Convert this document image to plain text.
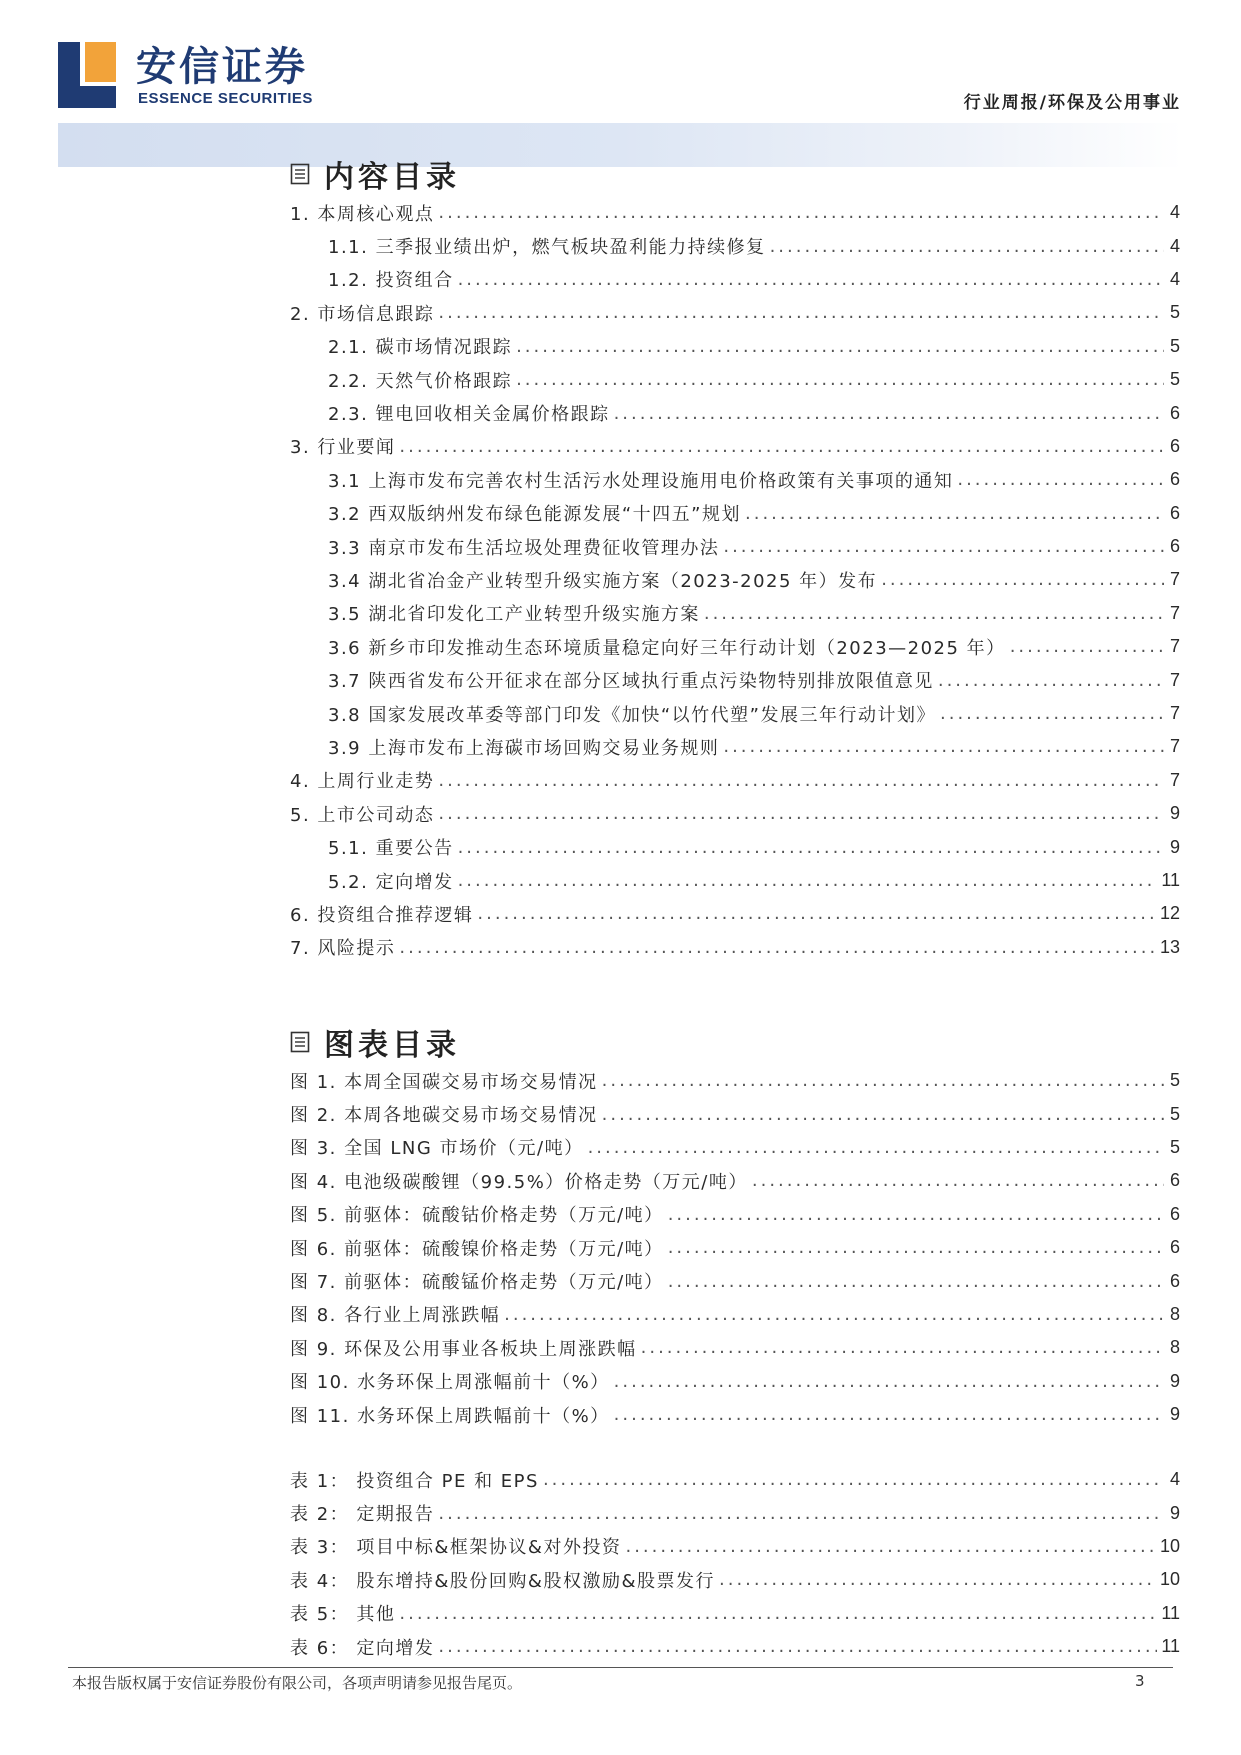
安信证券
ESSENCE SECURITIES	行业周报/环保及公用事业
内容目录
1. 本周核心观点 .....	4
1.1. 三季报业绩出炉，燃气板块盈利能力持续修复 .....	4
1.2. 投资组合 .....	4
2. 市场信息跟踪 .....	5
2.1. 碳市场情况跟踪 .....	5
2.2. 天然气价格跟踪 .....	5
2.3. 锂电回收相关金属价格跟踪 .....	6
3. 行业要闻 .....	6
3.1 上海市发布完善农村生活污水处理设施用电价格政策有关事项的通知 .....	6
3.2 西双版纳州发布绿色能源发展“十四五”规划 .....	6
3.3 南京市发布生活垃圾处理费征收管理办法 .....	6
3.4 湖北省冶金产业转型升级实施方案（2023-2025 年）发布 .....	7
3.5 湖北省印发化工产业转型升级实施方案 .....	7
3.6 新乡市印发推动生态环境质量稳定向好三年行动计划（2023—2025 年） .....	7
3.7 陕西省发布公开征求在部分区域执行重点污染物特别排放限值意见 .....	7
3.8 国家发展改革委等部门印发《加快“以竹代塑”发展三年行动计划》 .....	7
3.9 上海市发布上海碳市场回购交易业务规则 .....	7
4. 上周行业走势 .....	7
5. 上市公司动态 .....	9
5.1. 重要公告 .....	9
5.2. 定向增发 .....	11
6. 投资组合推荐逻辑 .....	12
7. 风险提示 .....	13
图表目录
图 1. 本周全国碳交易市场交易情况 .....	5
图 2. 本周各地碳交易市场交易情况 .....	5
图 3. 全国 LNG 市场价（元/吨） .....	5
图 4. 电池级碳酸锂（99.5%）价格走势（万元/吨） .....	6
图 5. 前驱体：硫酸钴价格走势（万元/吨） .....	6
图 6. 前驱体：硫酸镍价格走势（万元/吨） .....	6
图 7. 前驱体：硫酸锰价格走势（万元/吨） .....	6
图 8. 各行业上周涨跌幅 .....	8
图 9. 环保及公用事业各板块上周涨跌幅 .....	8
图 10. 水务环保上周涨幅前十（%） .....	9
图 11. 水务环保上周跌幅前十（%） .....	9
表 1： 投资组合 PE 和 EPS .....	4
表 2： 定期报告 .....	9
表 3： 项目中标&框架协议&对外投资 .....	10
表 4： 股东增持&股份回购&股权激励&股票发行 .....	10
表 5： 其他 .....	11
表 6： 定向增发 .....	11
本报告版权属于安信证券股份有限公司，各项声明请参见报告尾页。	3
